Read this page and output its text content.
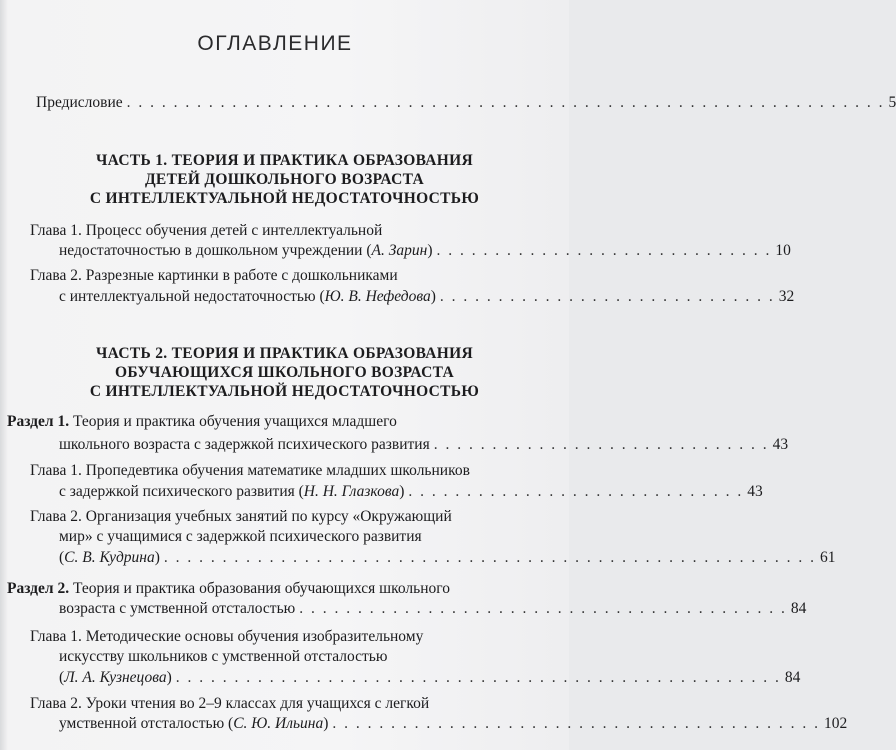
ОГЛАВЛЕНИЕ
Предисловие . . . . . . . . . . . . . . . . . . . . . . . . . . . . . . . . . . . . . . . . . . . . . . . . . . . . . . . . . . . . . . . . . 5
ЧАСТЬ 1. ТЕОРИЯ И ПРАКТИКА ОБРАЗОВАНИЯ
ДЕТЕЙ ДОШКОЛЬНОГО ВОЗРАСТА
С ИНТЕЛЛЕКТУАЛЬНОЙ НЕДОСТАТОЧНОСТЬЮ
Глава 1. Процесс обучения детей с интеллектуальной
недостаточностью в дошкольном учреждении (А. Зарин) . . . . . . . . . . . . . . . . . . . . . . . . . . . . . 10
Глава 2. Разрезные картинки в работе с дошкольниками
с интеллектуальной недостаточностью (Ю. В. Нефедова) . . . . . . . . . . . . . . . . . . . . . . . . . . . . . 32
ЧАСТЬ 2. ТЕОРИЯ И ПРАКТИКА ОБРАЗОВАНИЯ
ОБУЧАЮЩИХСЯ ШКОЛЬНОГО ВОЗРАСТА
С ИНТЕЛЛЕКТУАЛЬНОЙ НЕДОСТАТОЧНОСТЬЮ
Раздел 1. Теория и практика обучения учащихся младшего
школьного возраста с задержкой психического развития . . . . . . . . . . . . . . . . . . . . . . . . . . . . . 43
Глава 1. Пропедевтика обучения математике младших школьников
с задержкой психического развития (Н. Н. Глазкова) . . . . . . . . . . . . . . . . . . . . . . . . . . . . . 43
Глава 2. Организация учебных занятий по курсу «Окружающий
мир» с учащимися с задержкой психического развития
(С. В. Кудрина) . . . . . . . . . . . . . . . . . . . . . . . . . . . . . . . . . . . . . . . . . . . . . . . . . . . . . . . . 61
Раздел 2. Теория и практика образования обучающихся школьного
возраста с умственной отсталостью . . . . . . . . . . . . . . . . . . . . . . . . . . . . . . . . . . . . . . . . . . 84
Глава 1. Методические основы обучения изобразительному
искусству школьников с умственной отсталостью
(Л. А. Кузнецова) . . . . . . . . . . . . . . . . . . . . . . . . . . . . . . . . . . . . . . . . . . . . . . . . . . . . 84
Глава 2. Уроки чтения во 2–9 классах для учащихся с легкой
умственной отсталостью (С. Ю. Ильина) . . . . . . . . . . . . . . . . . . . . . . . . . . . . . . . . . . . . . . . . . . 102
